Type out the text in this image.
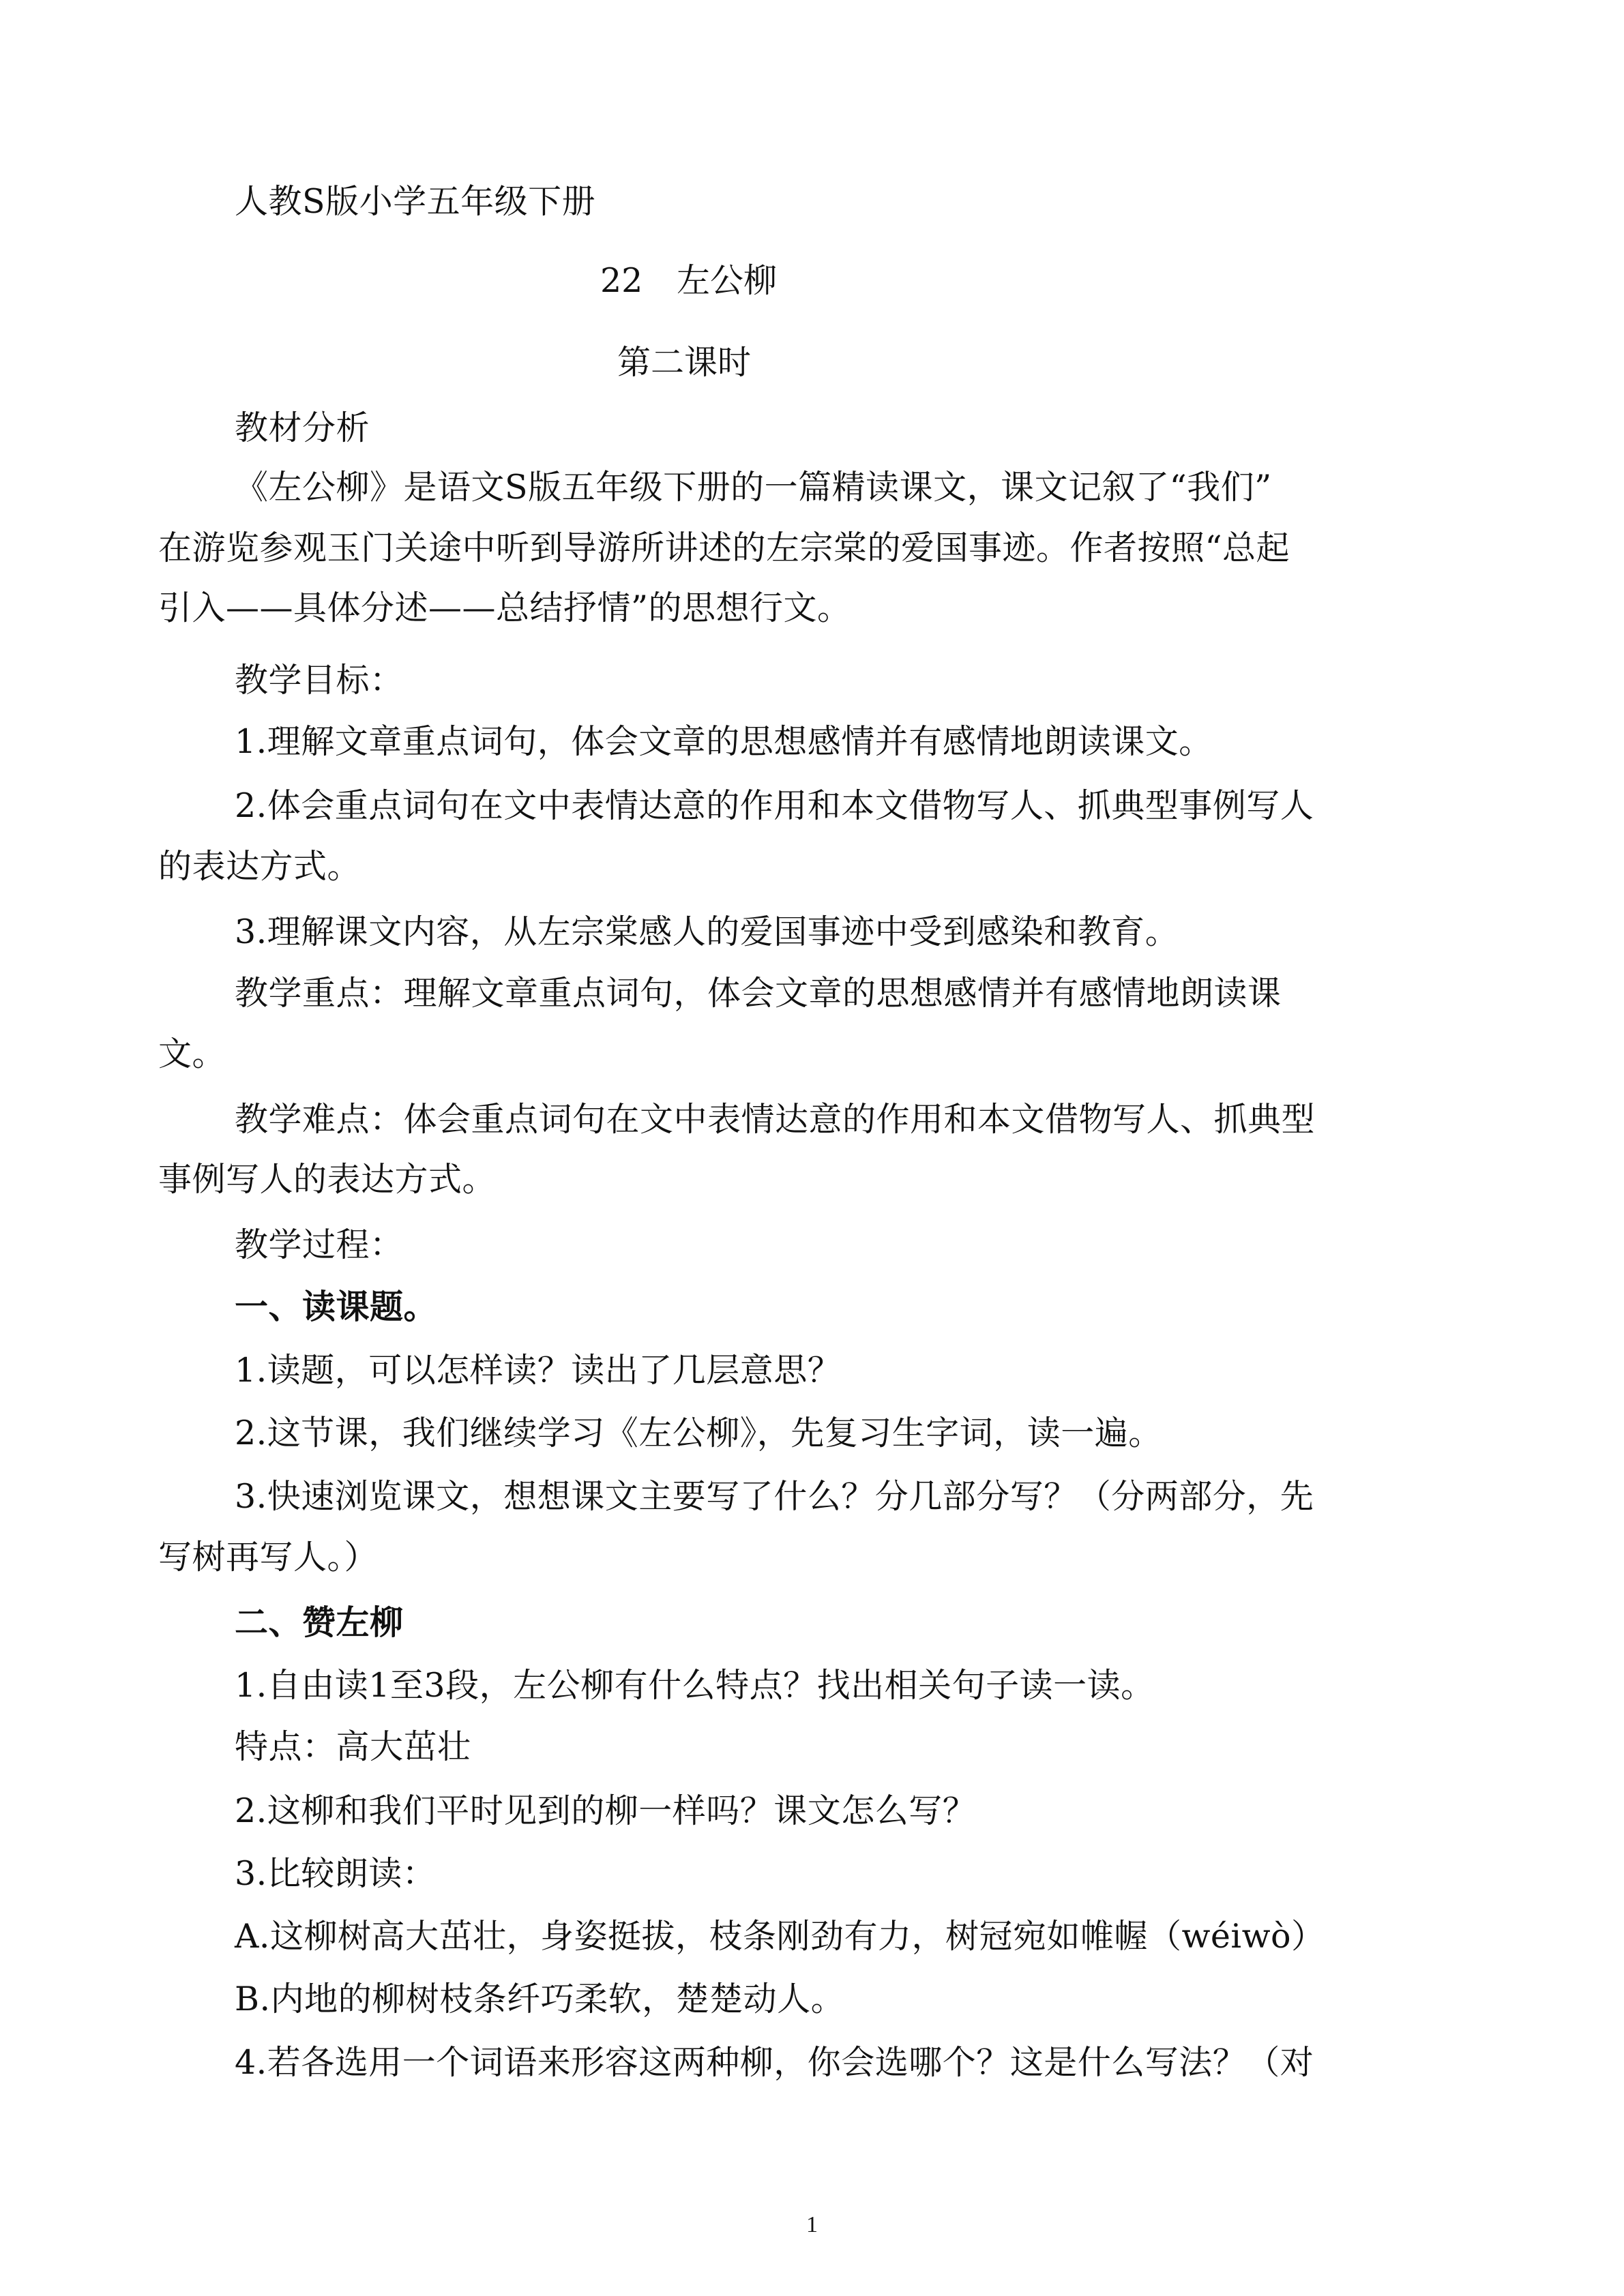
人教S版小学五年级下册
22 左公柳
第二课时
教材分析
《左公柳》是语文S版五年级下册的一篇精读课文，课文记叙了“我们”
在游览参观玉门关途中听到导游所讲述的左宗棠的爱国事迹。作者按照“总起
引入——具体分述——总结抒情”的思想行文。
教学目标：
1.理解文章重点词句，体会文章的思想感情并有感情地朗读课文。
2.体会重点词句在文中表情达意的作用和本文借物写人、抓典型事例写人
的表达方式。
3.理解课文内容，从左宗棠感人的爱国事迹中受到感染和教育。
教学重点：理解文章重点词句，体会文章的思想感情并有感情地朗读课
文。
教学难点：体会重点词句在文中表情达意的作用和本文借物写人、抓典型
事例写人的表达方式。
教学过程：
一、读课题。
1.读题，可以怎样读？读出了几层意思？
2.这节课，我们继续学习《左公柳》，先复习生字词，读一遍。
3.快速浏览课文，想想课文主要写了什么？分几部分写？（分两部分，先
写树再写人。）
二、赞左柳
1.自由读1至3段，左公柳有什么特点？找出相关句子读一读。
特点：高大茁壮
2.这柳和我们平时见到的柳一样吗？课文怎么写？
3.比较朗读：
A.这柳树高大茁壮，身姿挺拔，枝条刚劲有力，树冠宛如帷幄（wéiwò）
B.内地的柳树枝条纤巧柔软，楚楚动人。
4.若各选用一个词语来形容这两种柳，你会选哪个？这是什么写法？（对
1
